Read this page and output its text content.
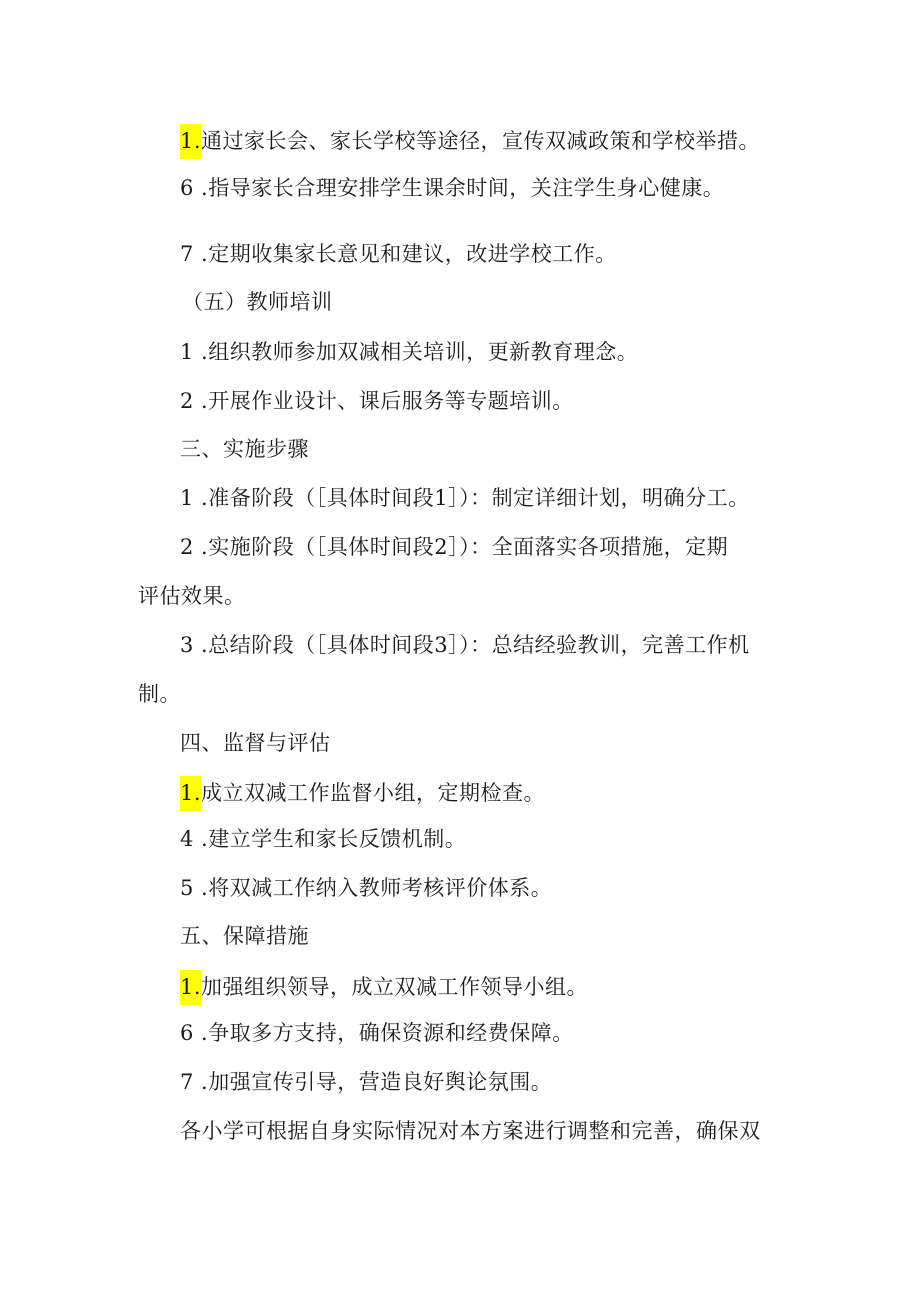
1.通过家长会、家长学校等途径，宣传双减政策和学校举措。
6 .指导家长合理安排学生课余时间，关注学生身心健康。
7 .定期收集家长意见和建议，改进学校工作。
（五）教师培训
1 .组织教师参加双减相关培训，更新教育理念。
2 .开展作业设计、课后服务等专题培训。
三、实施步骤
1 .准备阶段（［具体时间段1］）：制定详细计划，明确分工。
2 .实施阶段（［具体时间段2］）：全面落实各项措施，定期
评估效果。
3 .总结阶段（［具体时间段3］）：总结经验教训，完善工作机
制。
四、监督与评估
1.成立双减工作监督小组，定期检查。
4 .建立学生和家长反馈机制。
5 .将双减工作纳入教师考核评价体系。
五、保障措施
1.加强组织领导，成立双减工作领导小组。
6 .争取多方支持，确保资源和经费保障。
7 .加强宣传引导，营造良好舆论氛围。
各小学可根据自身实际情况对本方案进行调整和完善，确保双
